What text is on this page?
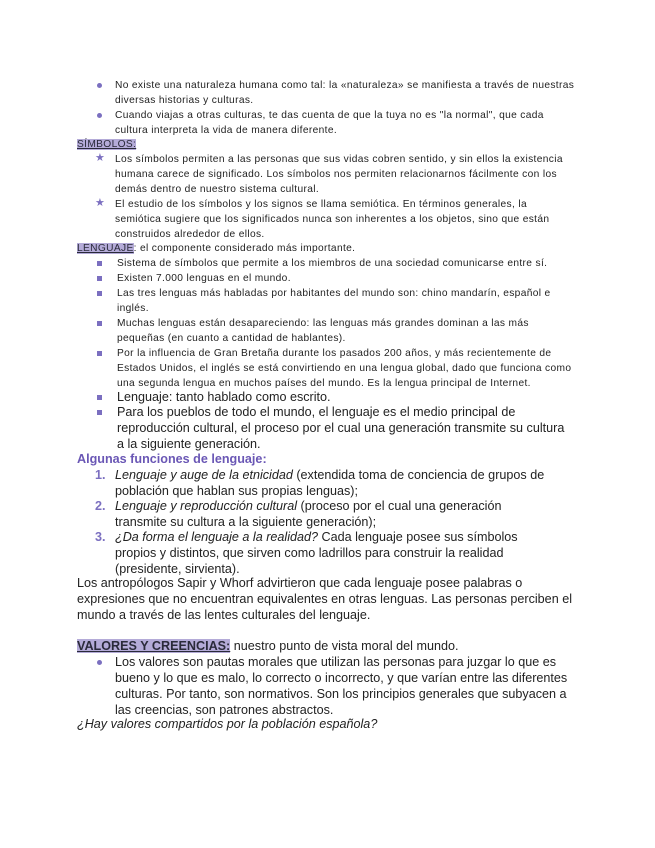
No existe una naturaleza humana como tal: la «naturaleza» se manifiesta a través de nuestras diversas historias y culturas.
Cuando viajas a otras culturas, te das cuenta de que la tuya no es "la normal", que cada cultura interpreta la vida de manera diferente.
SÍMBOLOS:
★ Los símbolos permiten a las personas que sus vidas cobren sentido, y sin ellos la existencia humana carece de significado. Los símbolos nos permiten relacionarnos fácilmente con los demás dentro de nuestro sistema cultural.
★ El estudio de los símbolos y los signos se llama semiótica. En términos generales, la semiótica sugiere que los significados nunca son inherentes a los objetos, sino que están construidos alrededor de ellos.
LENGUAJE: el componente considerado más importante.
Sistema de símbolos que permite a los miembros de una sociedad comunicarse entre sí.
Existen 7.000 lenguas en el mundo.
Las tres lenguas más habladas por habitantes del mundo son: chino mandarín, español e inglés.
Muchas lenguas están desapareciendo: las lenguas más grandes dominan a las más pequeñas (en cuanto a cantidad de hablantes).
Por la influencia de Gran Bretaña durante los pasados 200 años, y más recientemente de Estados Unidos, el inglés se está convirtiendo en una lengua global, dado que funciona como una segunda lengua en muchos países del mundo. Es la lengua principal de Internet.
Lenguaje: tanto hablado como escrito.
Para los pueblos de todo el mundo, el lenguaje es el medio principal de reproducción cultural, el proceso por el cual una generación transmite su cultura a la siguiente generación.
Algunas funciones de lenguaje:
1. Lenguaje y auge de la etnicidad (extendida toma de conciencia de grupos de población que hablan sus propias lenguas);
2. Lenguaje y reproducción cultural (proceso por el cual una generación transmite su cultura a la siguiente generación);
3. ¿Da forma el lenguaje a la realidad? Cada lenguaje posee sus símbolos propios y distintos, que sirven como ladrillos para construir la realidad (presidente, sirvienta).
Los antropólogos Sapir y Whorf advirtieron que cada lenguaje posee palabras o expresiones que no encuentran equivalentes en otras lenguas. Las personas perciben el mundo a través de las lentes culturales del lenguaje.
VALORES Y CREENCIAS: nuestro punto de vista moral del mundo.
Los valores son pautas morales que utilizan las personas para juzgar lo que es bueno y lo que es malo, lo correcto o incorrecto, y que varían entre las diferentes culturas. Por tanto, son normativos. Son los principios generales que subyacen a las creencias, son patrones abstractos.
¿Hay valores compartidos por la población española?
